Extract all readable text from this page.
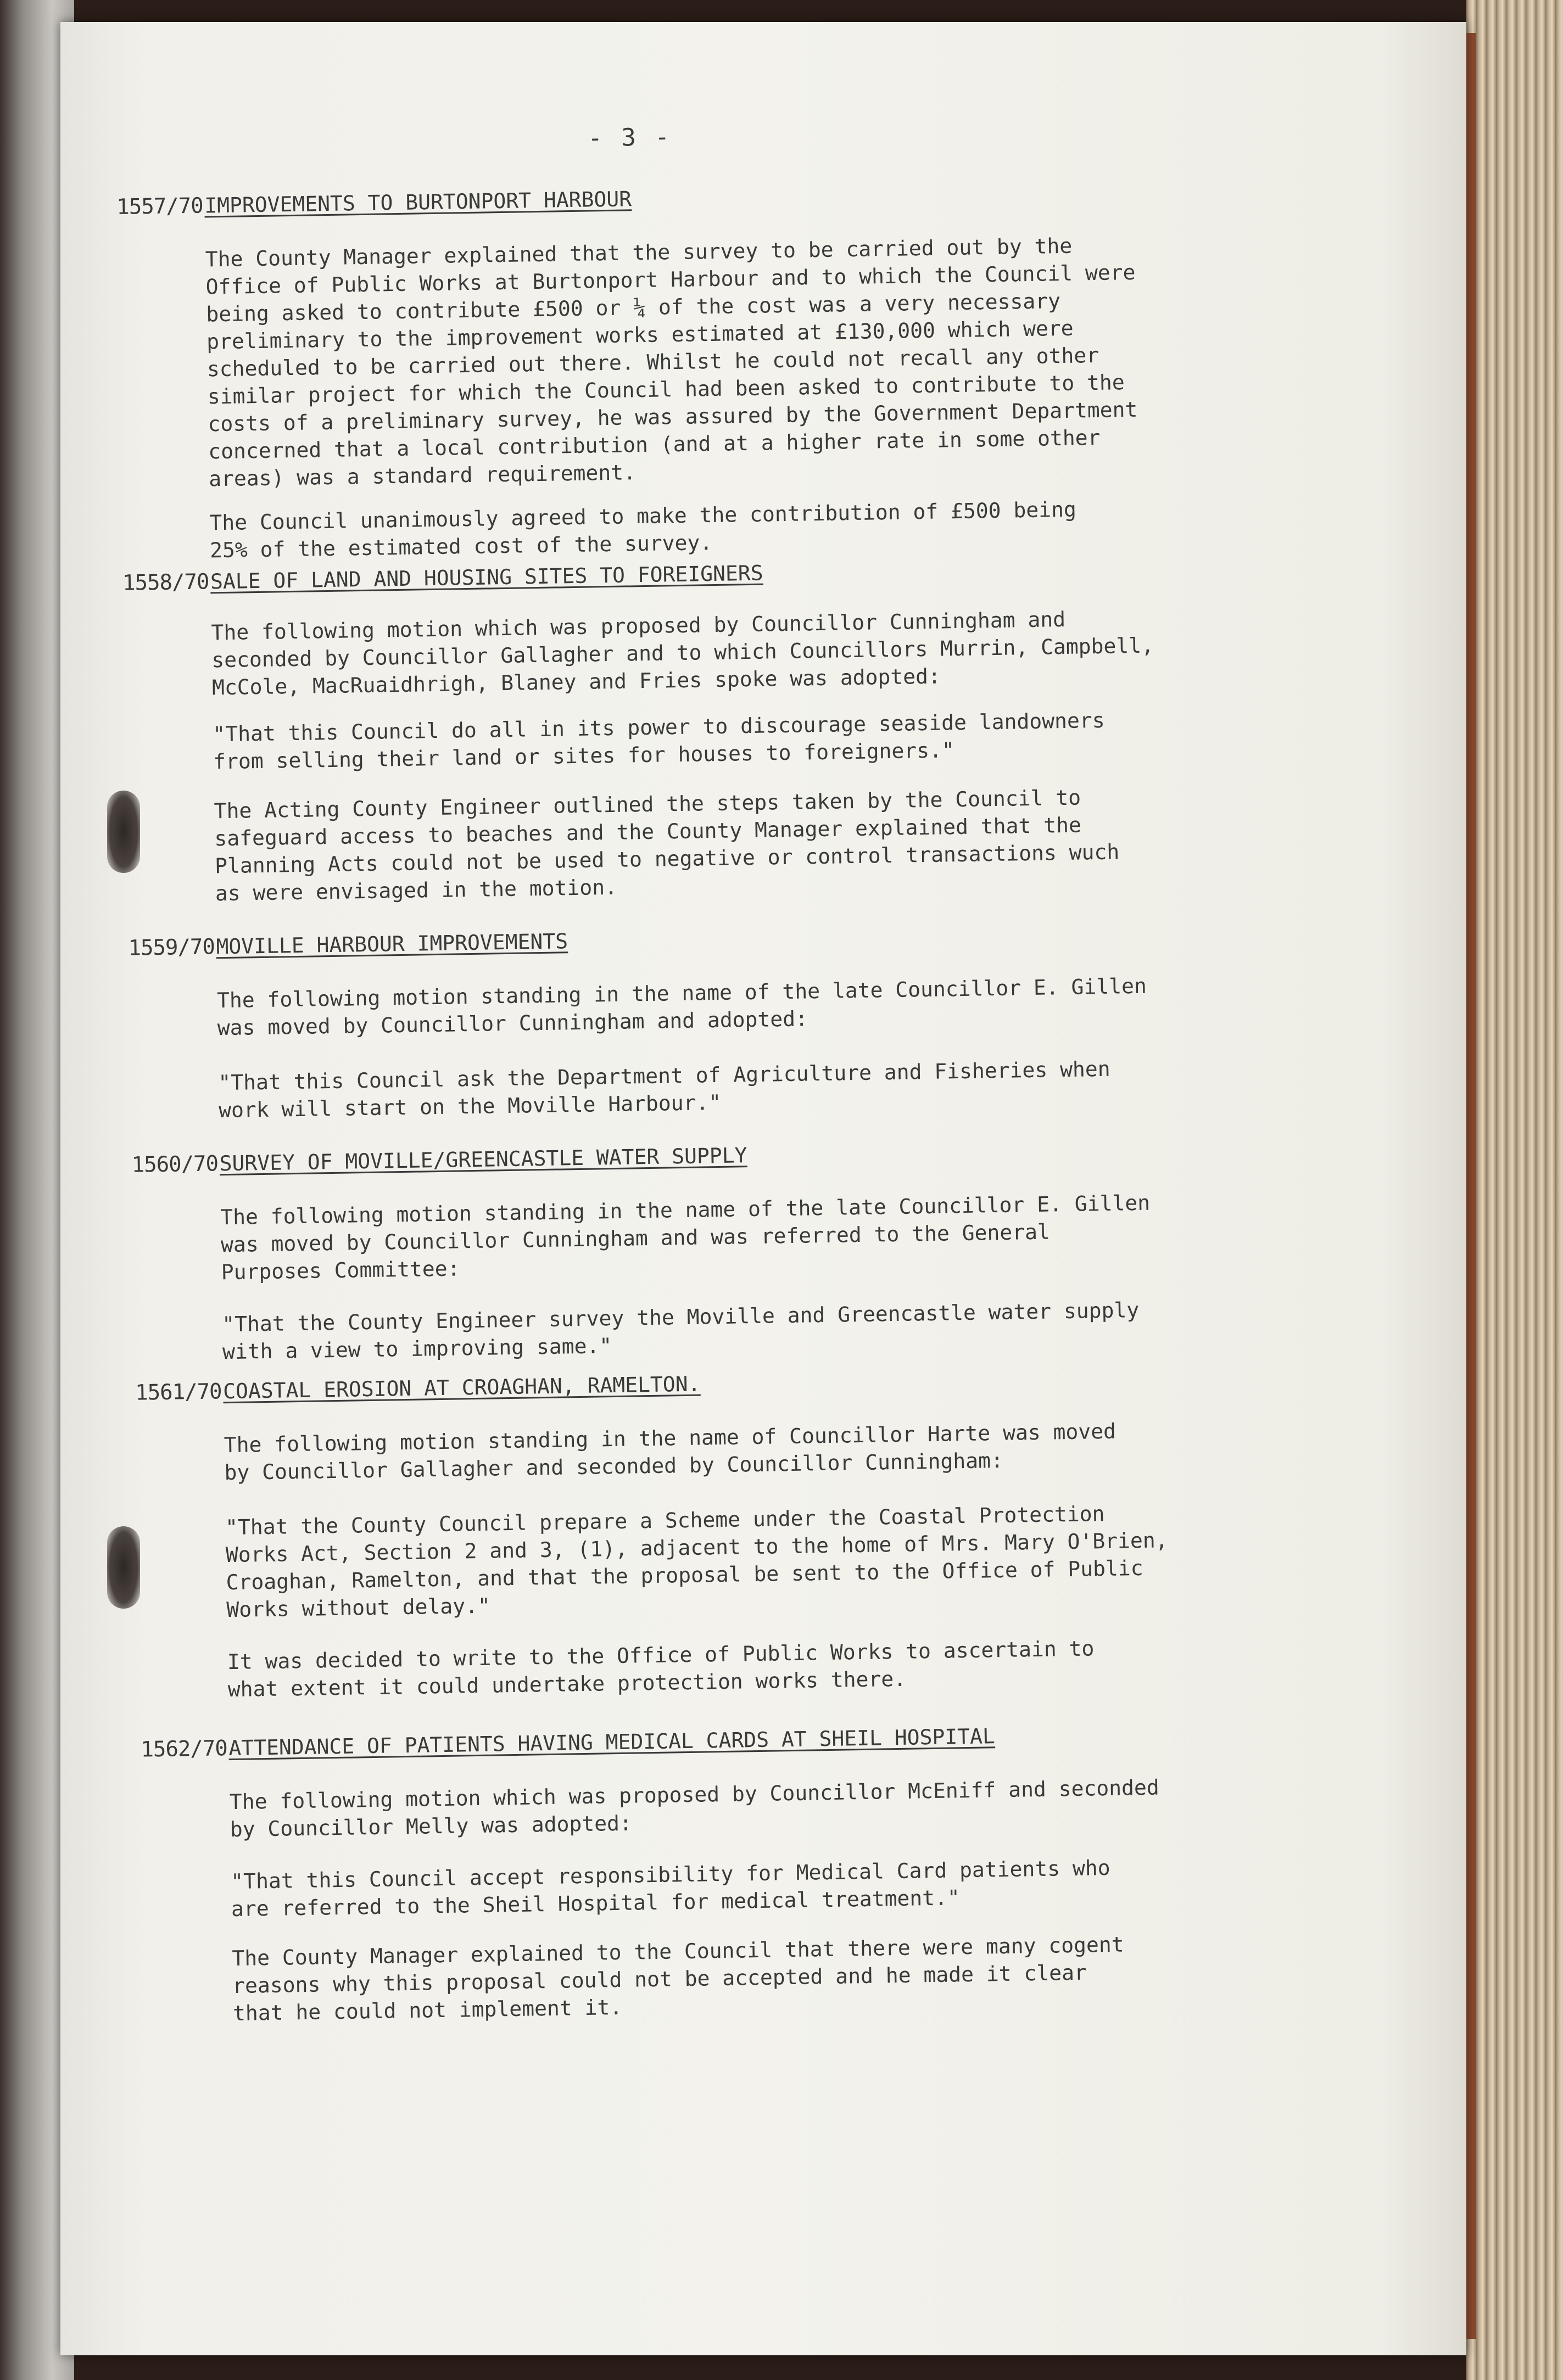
- 3 -
1557/70 IMPROVEMENTS TO BURTONPORT HARBOUR
The County Manager explained that the survey to be carried out by the
Office of Public Works at Burtonport Harbour and to which the Council were
being asked to contribute £500 or ¼ of the cost was a very necessary
preliminary to the improvement works estimated at £130,000 which were
scheduled to be carried out there. Whilst he could not recall any other
similar project for which the Council had been asked to contribute to the
costs of a preliminary survey, he was assured by the Government Department
concerned that a local contribution (and at a higher rate in some other
areas) was a standard requirement.
The Council unanimously agreed to make the contribution of £500 being
25% of the estimated cost of the survey.
1558/70 SALE OF LAND AND HOUSING SITES TO FOREIGNERS
The following motion which was proposed by Councillor Cunningham and
seconded by Councillor Gallagher and to which Councillors Murrin, Campbell,
McCole, MacRuaidhrigh, Blaney and Fries spoke was adopted:
"That this Council do all in its power to discourage seaside landowners
from selling their land or sites for houses to foreigners."
The Acting County Engineer outlined the steps taken by the Council to
safeguard access to beaches and the County Manager explained that the
Planning Acts could not be used to negative or control transactions wuch
as were envisaged in the motion.
1559/70 MOVILLE HARBOUR IMPROVEMENTS
The following motion standing in the name of the late Councillor E. Gillen
was moved by Councillor Cunningham and adopted:
"That this Council ask the Department of Agriculture and Fisheries when
work will start on the Moville Harbour."
1560/70 SURVEY OF MOVILLE/GREENCASTLE WATER SUPPLY
The following motion standing in the name of the late Councillor E. Gillen
was moved by Councillor Cunningham and was referred to the General
Purposes Committee:
"That the County Engineer survey the Moville and Greencastle water supply
with a view to improving same."
1561/70 COASTAL EROSION AT CROAGHAN, RAMELTON.
The following motion standing in the name of Councillor Harte was moved
by Councillor Gallagher and seconded by Councillor Cunningham:
"That the County Council prepare a Scheme under the Coastal Protection
Works Act, Section 2 and 3, (1), adjacent to the home of Mrs. Mary O'Brien,
Croaghan, Ramelton, and that the proposal be sent to the Office of Public
Works without delay."
It was decided to write to the Office of Public Works to ascertain to
what extent it could undertake protection works there.
1562/70 ATTENDANCE OF PATIENTS HAVING MEDICAL CARDS AT SHEIL HOSPITAL
The following motion which was proposed by Councillor McEniff and seconded
by Councillor Melly was adopted:
"That this Council accept responsibility for Medical Card patients who
are referred to the Sheil Hospital for medical treatment."
The County Manager explained to the Council that there were many cogent
reasons why this proposal could not be accepted and he made it clear
that he could not implement it.
